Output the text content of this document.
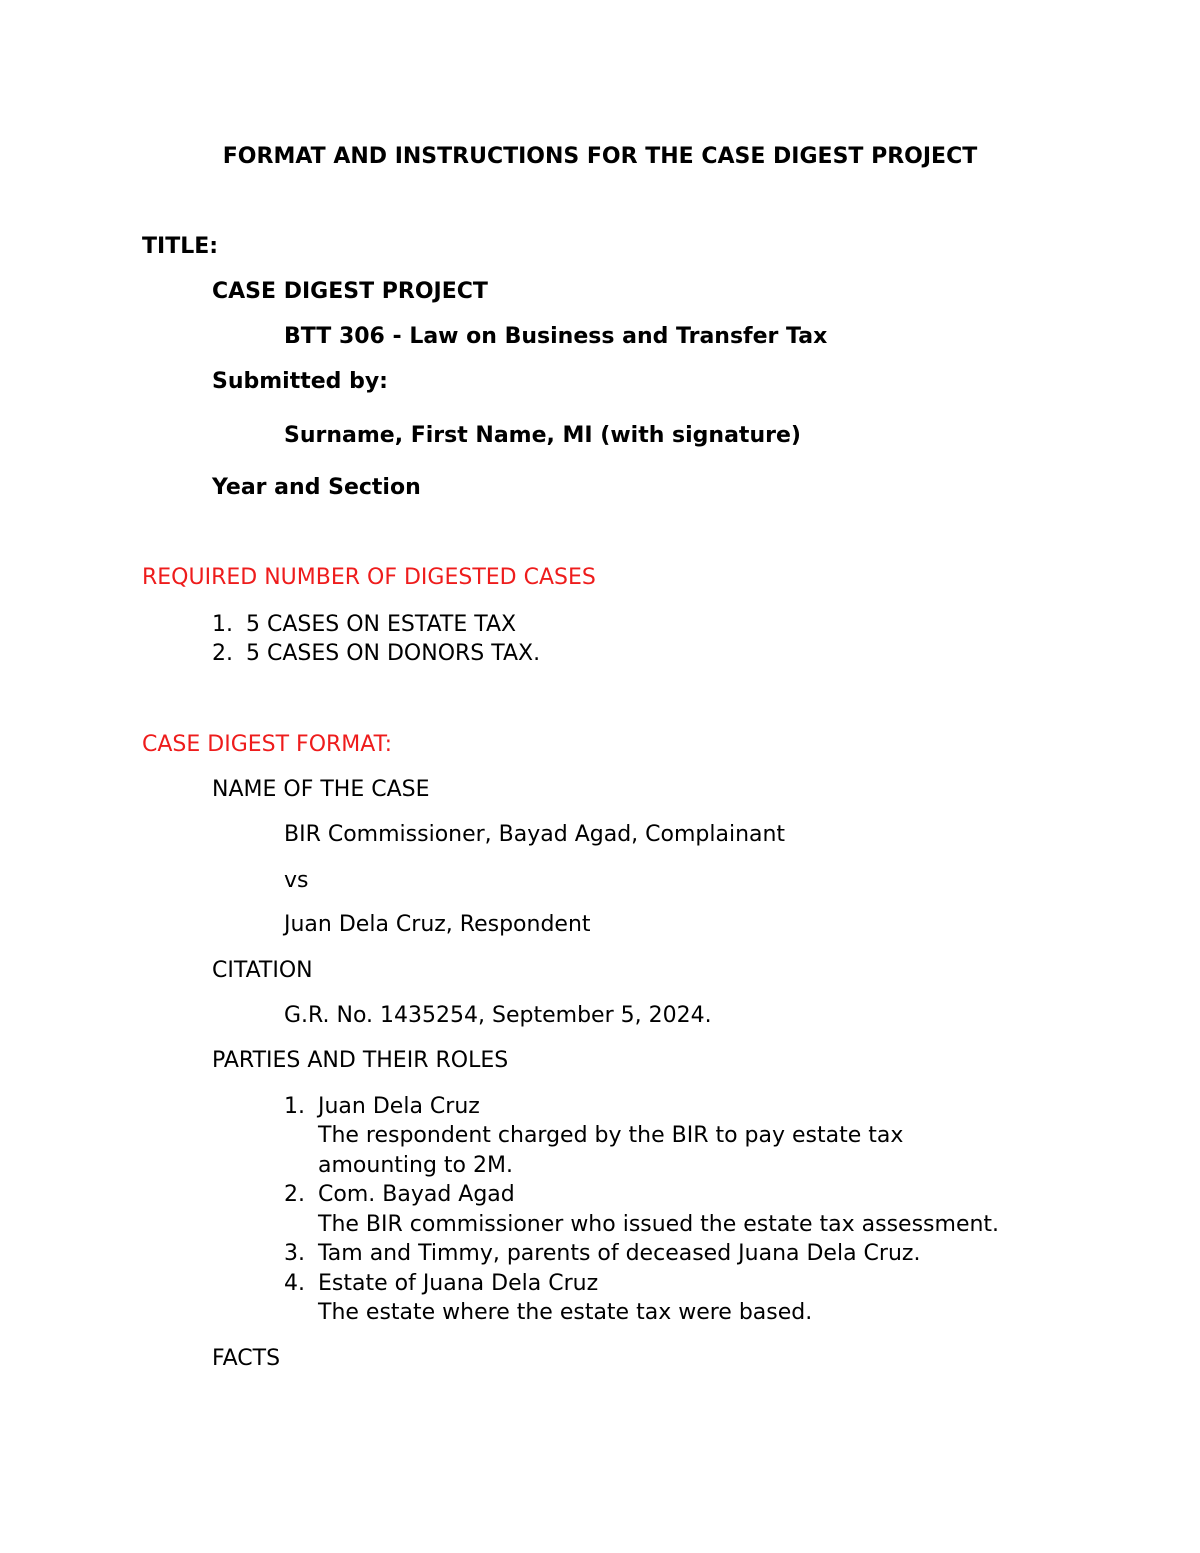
FORMAT AND INSTRUCTIONS FOR THE CASE DIGEST PROJECT
TITLE:
CASE DIGEST PROJECT
BTT 306 - Law on Business and Transfer Tax
Submitted by:
Surname, First Name, MI (with signature)
Year and Section
REQUIRED NUMBER OF DIGESTED CASES
1. 5 CASES ON ESTATE TAX
2. 5 CASES ON DONORS TAX.
CASE DIGEST FORMAT:
NAME OF THE CASE
BIR Commissioner, Bayad Agad, Complainant
vs
Juan Dela Cruz, Respondent
CITATION
G.R. No. 1435254, September 5, 2024.
PARTIES AND THEIR ROLES
1. Juan Dela Cruz
The respondent charged by the BIR to pay estate tax
amounting to 2M.
2. Com. Bayad Agad
The BIR commissioner who issued the estate tax assessment.
3. Tam and Timmy, parents of deceased Juana Dela Cruz.
4. Estate of Juana Dela Cruz
The estate where the estate tax were based.
FACTS
